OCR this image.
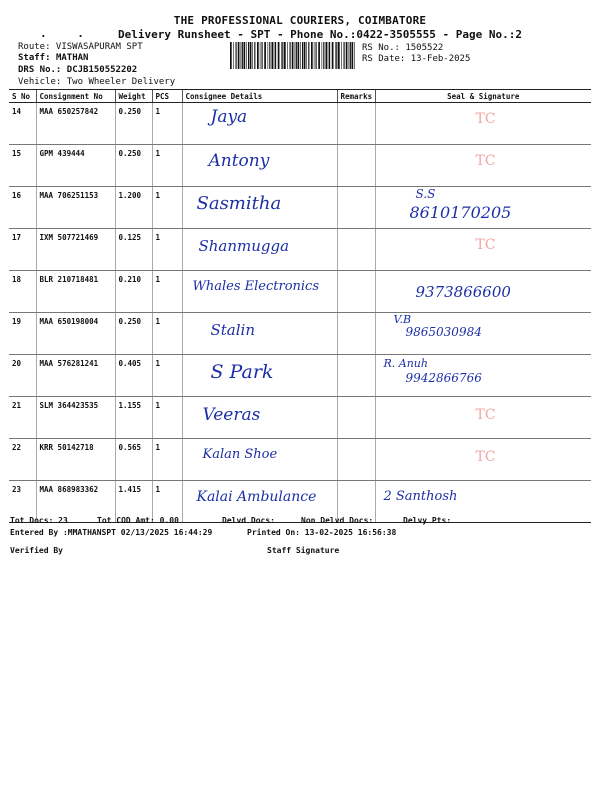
THE PROFESSIONAL COURIERS, COIMBATORE
. .	Delivery Runsheet - SPT - Phone No.:0422-3505555 - Page No.:2
Route: VISWASAPURAM SPT
Staff: MATHAN
DRS No.: DCJB150552202
Vehicle: Two Wheeler Delivery
RS No.: 1505522
RS Date: 13-Feb-2025
S No	Consignment No	Weight	PCS	Consignee Details	Remarks	Seal & Signature
14	MAA 650257842	0.250	1	Jaya		TC

15	GPM 439444	0.250	1	Antony		TC

16	MAA 706251153	1.200	1	Sasmitha		S.S
8610170205

17	IXM 507721469	0.125	1	Shanmugga		TC

18	BLR 210718481	0.210	1	Whales Electronics		9373866600

19	MAA 650198004	0.250	1	Stalin		V.B
9865030984

20	MAA 576281241	0.405	1	S Park		R. Anuh
9942866766

21	SLM 364423535	1.155	1	Veeras		TC

22	KRR 50142718	0.565	1	Kalan Shoe		TC

23	MAA 868983362	1.415	1	Kalai Ambulance		2 Santhosh
Tot Docs: 23	Tot COD Amt: 0.00	Delvd Docs:	Non Delvd Docs:	Delvy Pts:
Entered By :MMATHANSPT 02/13/2025 16:44:29	Printed On: 13-02-2025 16:56:38
Verified By	Staff Signature
